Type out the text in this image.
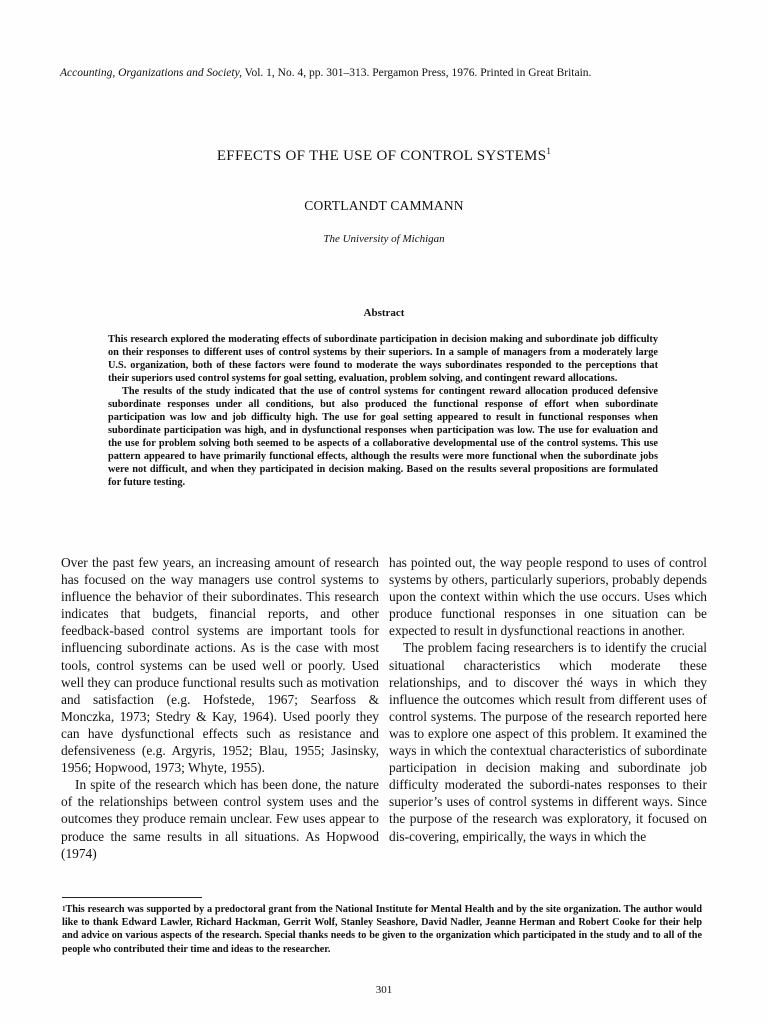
Accounting, Organizations and Society, Vol. 1, No. 4, pp. 301–313. Pergamon Press, 1976. Printed in Great Britain.
EFFECTS OF THE USE OF CONTROL SYSTEMS$^1$
CORTLANDT CAMMANN
The University of Michigan
Abstract

This research explored the moderating effects of subordinate participation in decision making and subordinate job difficulty on their responses to different uses of control systems by their superiors. In a sample of managers from a moderately large U.S. organization, both of these factors were found to moderate the ways subordinates responded to the perceptions that their superiors used control systems for goal setting, evaluation, problem solving, and contingent reward allocations.

The results of the study indicated that the use of control systems for contingent reward allocation produced defensive subordinate responses under all conditions, but also produced the functional response of effort when subordinate participation was low and job difficulty high. The use for goal setting appeared to result in functional responses when subordinate participation was high, and in dysfunctional responses when participation was low. The use for evaluation and the use for problem solving both seemed to be aspects of a collaborative developmental use of the control systems. This use pattern appeared to have primarily functional effects, although the results were more functional when the subordinate jobs were not difficult, and when they participated in decision making. Based on the results several propositions are formulated for future testing.

Over the past few years, an increasing amount of research has focused on the way managers use control systems to influence the behavior of their subordinates. This research indicates that budgets, financial reports, and other feedback-based control systems are important tools for influencing subordinate actions. As is the case with most tools, control systems can be used well or poorly. Used well they can produce functional results such as motivation and satisfaction (e.g. Hofstede, 1967; Searfoss & Monczka, 1973; Stedry & Kay, 1964). Used poorly they can have dysfunctional effects such as resistance and defensiveness (e.g. Argyris, 1952; Blau, 1955; Jasinsky, 1956; Hopwood, 1973; Whyte, 1955).

In spite of the research which has been done, the nature of the relationships between control system uses and the outcomes they produce remain unclear. Few uses appear to produce the same results in all situations. As Hopwood (1974)

has pointed out, the way people respond to uses of control systems by others, particularly superiors, probably depends upon the context within which the use occurs. Uses which produce functional responses in one situation can be expected to result in dysfunctional reactions in another.

The problem facing researchers is to identify the crucial situational characteristics which moderate these relationships, and to discover thé ways in which they influence the outcomes which result from different uses of control systems. The purpose of the research reported here was to explore one aspect of this problem. It examined the ways in which the contextual characteristics of subordinate participation in decision making and subordinate job difficulty moderated the subordi-nates responses to their superior’s uses of control systems in different ways. Since the purpose of the research was exploratory, it focused on dis-covering, empirically, the ways in which the

$^1$This research was supported by a predoctoral grant from the National Institute for Mental Health and by the site organization. The author would like to thank Edward Lawler, Richard Hackman, Gerrit Wolf, Stanley Seashore, David Nadler, Jeanne Herman and Robert Cooke for their help and advice on various aspects of the research. Special thanks needs to be given to the organization which participated in the study and to all of the people who contributed their time and ideas to the researcher.
301
